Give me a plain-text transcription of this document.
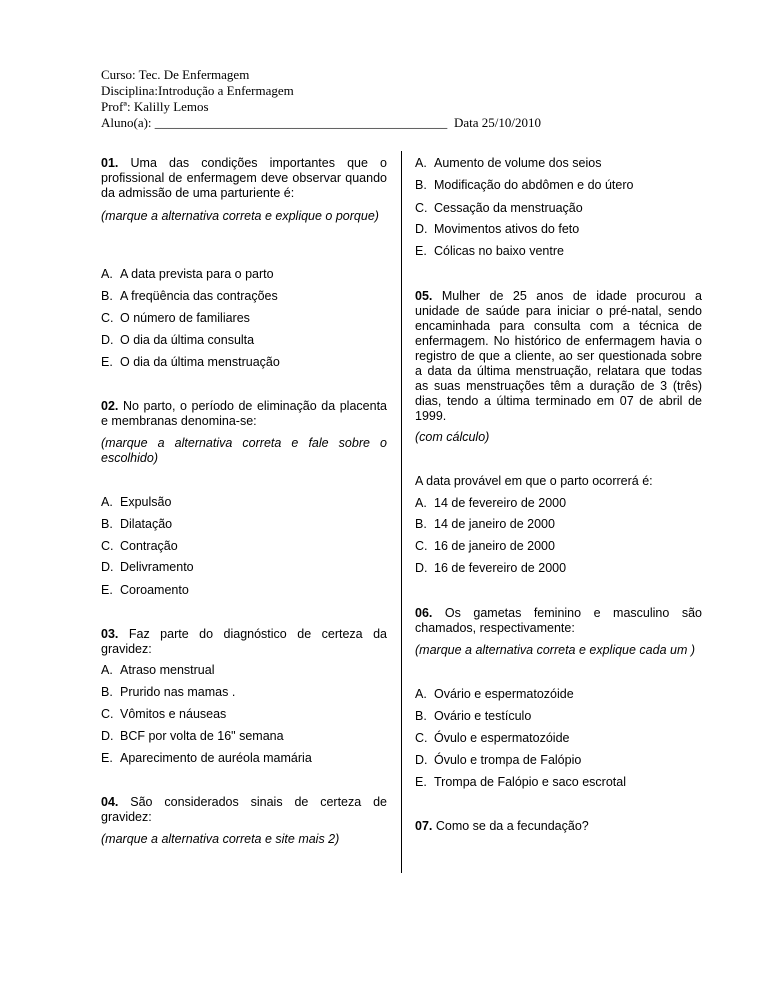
Curso: Tec. De Enfermagem
Disciplina:Introdução a Enfermagem
Profª: Kalilly Lemos
Aluno(a): _____________________________________________ Data 25/10/2010
01. Uma das condições importantes que o profissional de enfermagem deve observar quando da admissão de uma parturiente é:
(marque a alternativa correta e explique o porque)
A. A data prevista para o parto
B. A freqüência das contrações
C. O número de familiares
D. O dia da última consulta
E. O dia da última menstruação
02. No parto, o período de eliminação da placenta e membranas denomina-se:
(marque a alternativa correta e fale sobre o escolhido)
A. Expulsão
B. Dilatação
C. Contração
D. Delivramento
E. Coroamento
03. Faz parte do diagnóstico de certeza da gravidez:
A. Atraso menstrual
B. Prurido nas mamas .
C. Vômitos e náuseas
D. BCF por volta de 16" semana
E. Aparecimento de auréola mamária
04. São considerados sinais de certeza de gravidez:
(marque a alternativa correta e site mais 2)
A. Aumento de volume dos seios
B. Modificação do abdômen e do útero
C. Cessação da menstruação
D. Movimentos ativos do feto
E. Cólicas no baixo ventre
05. Mulher de 25 anos de idade procurou a unidade de saúde para iniciar o pré-natal, sendo encaminhada para consulta com a técnica de enfermagem. No histórico de enfermagem havia o registro de que a cliente, ao ser questionada sobre a data da última menstruação, relatara que todas as suas menstruações têm a duração de 3 (três) dias, tendo a última terminado em 07 de abril de 1999.
(com cálculo)
A data provável em que o parto ocorrerá é:
A. 14 de fevereiro de 2000
B. 14 de janeiro de 2000
C. 16 de janeiro de 2000
D. 16 de fevereiro de 2000
06. Os gametas feminino e masculino são chamados, respectivamente:
(marque a alternativa correta e explique cada um )
A. Ovário e espermatozóide
B. Ovário e testículo
C. Óvulo e espermatozóide
D. Óvulo e trompa de Falópio
E. Trompa de Falópio e saco escrotal
07. Como se da a fecundação?
